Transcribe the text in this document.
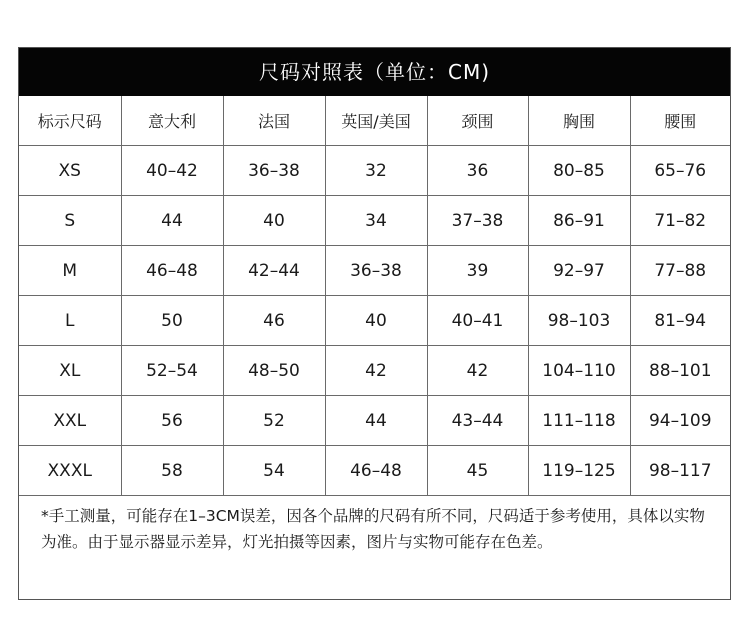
尺码对照表（单位：CM)
标示尺码	意大利	法国	英国/美国	颈围	胸围	腰围
XS	40–42	36–38	32	36	80–85	65–76
S	44	40	34	37–38	86–91	71–82
M	46–48	42–44	36–38	39	92–97	77–88
L	50	46	40	40–41	98–103	81–94
XL	52–54	48–50	42	42	104–110	88–101
XXL	56	52	44	43–44	111–118	94–109
XXXL	58	54	46–48	45	119–125	98–117
*手工测量，可能存在1–3CM误差，因各个品牌的尺码有所不同，尺码适于参考使用，具体以实物为准。由于显示器显示差异，灯光拍摄等因素，图片与实物可能存在色差。
